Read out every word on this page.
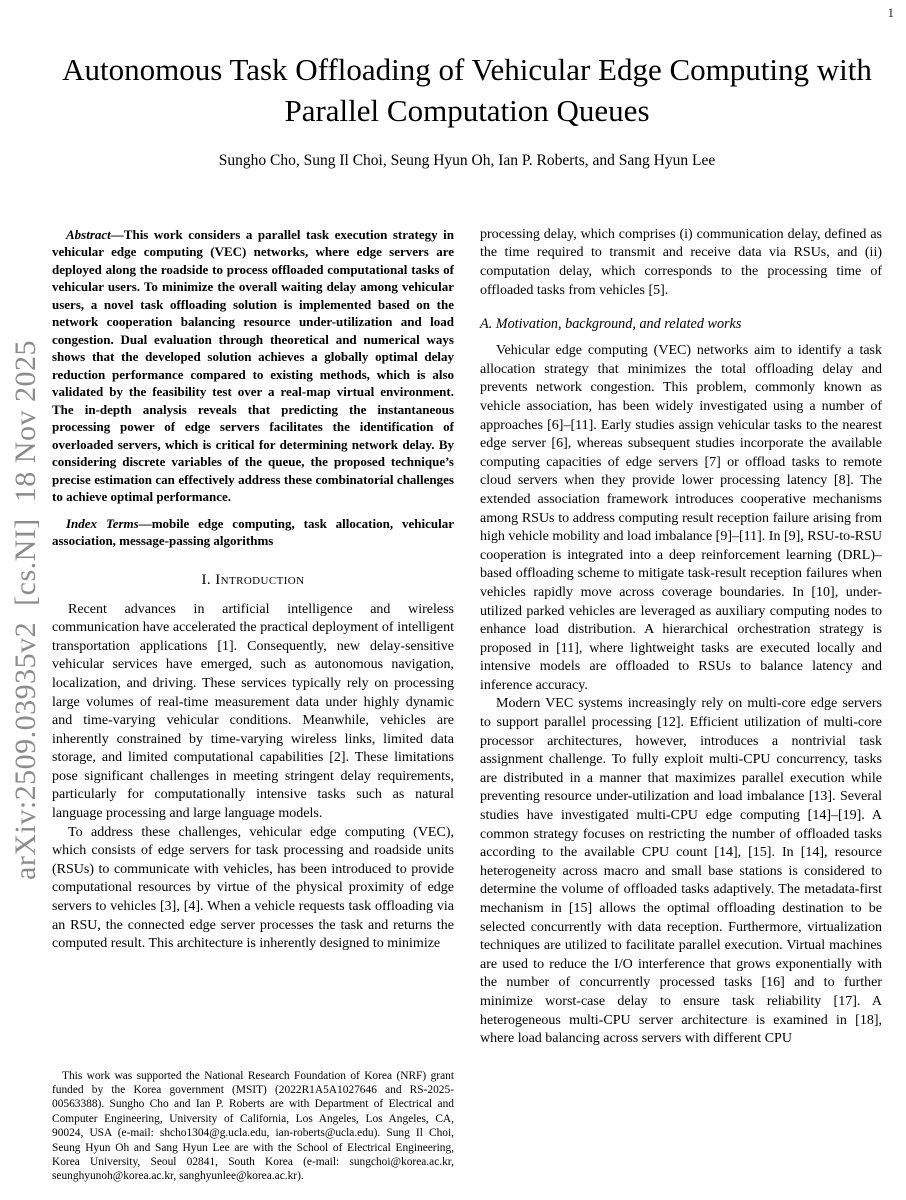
1
arXiv:2509.03935v2  [cs.NI]  18 Nov 2025
Autonomous Task Offloading of Vehicular Edge Computing with Parallel Computation Queues
Sungho Cho, Sung Il Choi, Seung Hyun Oh, Ian P. Roberts, and Sang Hyun Lee

Abstract—This work considers a parallel task execution strategy in vehicular edge computing (VEC) networks, where edge servers are deployed along the roadside to process offloaded computational tasks of vehicular users. To minimize the overall waiting delay among vehicular users, a novel task offloading solution is implemented based on the network cooperation balancing resource under-utilization and load congestion. Dual evaluation through theoretical and numerical ways shows that the developed solution achieves a globally optimal delay reduction performance compared to existing methods, which is also validated by the feasibility test over a real-map virtual environment. The in-depth analysis reveals that predicting the instantaneous processing power of edge servers facilitates the identification of overloaded servers, which is critical for determining network delay. By considering discrete variables of the queue, the proposed technique’s precise estimation can effectively address these combinatorial challenges to achieve optimal performance.

Index Terms—mobile edge computing, task allocation, vehicular association, message-passing algorithms

I. Introduction

Recent advances in artificial intelligence and wireless communication have accelerated the practical deployment of intelligent transportation applications [1]. Consequently, new delay-sensitive vehicular services have emerged, such as autonomous navigation, localization, and driving. These services typically rely on processing large volumes of real-time measurement data under highly dynamic and time-varying vehicular conditions. Meanwhile, vehicles are inherently constrained by time-varying wireless links, limited data storage, and limited computational capabilities [2]. These limitations pose significant challenges in meeting stringent delay requirements, particularly for computationally intensive tasks such as natural language processing and large language models.

To address these challenges, vehicular edge computing (VEC), which consists of edge servers for task processing and roadside units (RSUs) to communicate with vehicles, has been introduced to provide computational resources by virtue of the physical proximity of edge servers to vehicles [3], [4]. When a vehicle requests task offloading via an RSU, the connected edge server processes the task and returns the computed result. This architecture is inherently designed to minimize

This work was supported the National Research Foundation of Korea (NRF) grant funded by the Korea government (MSIT) (2022R1A5A1027646 and RS-2025-00563388). Sungho Cho and Ian P. Roberts are with Department of Electrical and Computer Engineering, University of California, Los Angeles, Los Angeles, CA, 90024, USA (e-mail: shcho1304@g.ucla.edu, ian-roberts@ucla.edu). Sung Il Choi, Seung Hyun Oh and Sang Hyun Lee are with the School of Electrical Engineering, Korea University, Seoul 02841, South Korea (e-mail: sungchoi@korea.ac.kr, seunghyunoh@korea.ac.kr, sanghyunlee@korea.ac.kr).

processing delay, which comprises (i) communication delay, defined as the time required to transmit and receive data via RSUs, and (ii) computation delay, which corresponds to the processing time of offloaded tasks from vehicles [5].

A. Motivation, background, and related works

Vehicular edge computing (VEC) networks aim to identify a task allocation strategy that minimizes the total offloading delay and prevents network congestion. This problem, commonly known as vehicle association, has been widely investigated using a number of approaches [6]–[11]. Early studies assign vehicular tasks to the nearest edge server [6], whereas subsequent studies incorporate the available computing capacities of edge servers [7] or offload tasks to remote cloud servers when they provide lower processing latency [8]. The extended association framework introduces cooperative mechanisms among RSUs to address computing result reception failure arising from high vehicle mobility and load imbalance [9]–[11]. In [9], RSU-to-RSU cooperation is integrated into a deep reinforcement learning (DRL)–based offloading scheme to mitigate task-result reception failures when vehicles rapidly move across coverage boundaries. In [10], under-utilized parked vehicles are leveraged as auxiliary computing nodes to enhance load distribution. A hierarchical orchestration strategy is proposed in [11], where lightweight tasks are executed locally and intensive models are offloaded to RSUs to balance latency and inference accuracy.

Modern VEC systems increasingly rely on multi-core edge servers to support parallel processing [12]. Efficient utilization of multi-core processor architectures, however, introduces a nontrivial task assignment challenge. To fully exploit multi-CPU concurrency, tasks are distributed in a manner that maximizes parallel execution while preventing resource under-utilization and load imbalance [13]. Several studies have investigated multi-CPU edge computing [14]–[19]. A common strategy focuses on restricting the number of offloaded tasks according to the available CPU count [14], [15]. In [14], resource heterogeneity across macro and small base stations is considered to determine the volume of offloaded tasks adaptively. The metadata-first mechanism in [15] allows the optimal offloading destination to be selected concurrently with data reception. Furthermore, virtualization techniques are utilized to facilitate parallel execution. Virtual machines are used to reduce the I/O interference that grows exponentially with the number of concurrently processed tasks [16] and to further minimize worst-case delay to ensure task reliability [17]. A heterogeneous multi-CPU server architecture is examined in [18], where load balancing across servers with different CPU
